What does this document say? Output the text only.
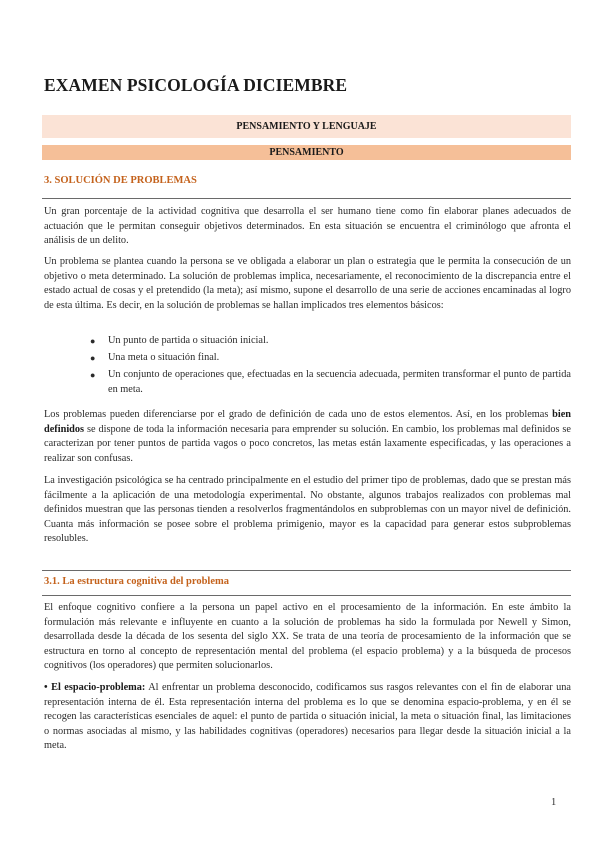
EXAMEN PSICOLOGÍA DICIEMBRE
PENSAMIENTO Y LENGUAJE
PENSAMIENTO
3. SOLUCIÓN DE PROBLEMAS

Un gran porcentaje de la actividad cognitiva que desarrolla el ser humano tiene como fin elaborar planes adecuados de actuación que le permitan conseguir objetivos determinados. En esta situación se encuentra el criminólogo que afronta el análisis de un delito.

Un problema se plantea cuando la persona se ve obligada a elaborar un plan o estrategia que le permita la consecución de un objetivo o meta determinado. La solución de problemas implica, necesariamente, el reconocimiento de la discrepancia entre el estado actual de cosas y el pretendido (la meta); así mismo, supone el desarrollo de una serie de acciones encaminadas al logro de esta última. Es decir, en la solución de problemas se hallan implicados tres elementos básicos:

● Un punto de partida o situación inicial.
● Una meta o situación final.
● Un conjunto de operaciones que, efectuadas en la secuencia adecuada, permiten transformar el punto de partida en meta.

Los problemas pueden diferenciarse por el grado de definición de cada uno de estos elementos. Así, en los problemas bien definidos se dispone de toda la información necesaria para emprender su solución. En cambio, los problemas mal definidos se caracterizan por tener puntos de partida vagos o poco concretos, las metas están laxamente especificadas, y las operaciones a realizar son confusas.

La investigación psicológica se ha centrado principalmente en el estudio del primer tipo de problemas, dado que se prestan más fácilmente a la aplicación de una metodología experimental. No obstante, algunos trabajos realizados con problemas mal definidos muestran que las personas tienden a resolverlos fragmentándolos en subproblemas con un mayor nivel de definición. Cuanta más información se posee sobre el problema primigenio, mayor es la capacidad para generar estos subproblemas resolubles.

3.1. La estructura cognitiva del problema

El enfoque cognitivo confiere a la persona un papel activo en el procesamiento de la información. En este ámbito la formulación más relevante e influyente en cuanto a la solución de problemas ha sido la formulada por Newell y Simon, desarrollada desde la década de los sesenta del siglo XX. Se trata de una teoría de procesamiento de la información que se estructura en torno al concepto de representación mental del problema (el espacio problema) y a la búsqueda de procesos cognitivos (los operadores) que permiten solucionarlos.

• El espacio-problema: Al enfrentar un problema desconocido, codificamos sus rasgos relevantes con el fin de elaborar una representación interna de él. Esta representación interna del problema es lo que se denomina espacio-problema, y en él se recogen las características esenciales de aquel: el punto de partida o situación inicial, la meta o situación final, las limitaciones o normas asociadas al mismo, y las habilidades cognitivas (operadores) necesarios para llegar desde la situación inicial a la meta.

1
